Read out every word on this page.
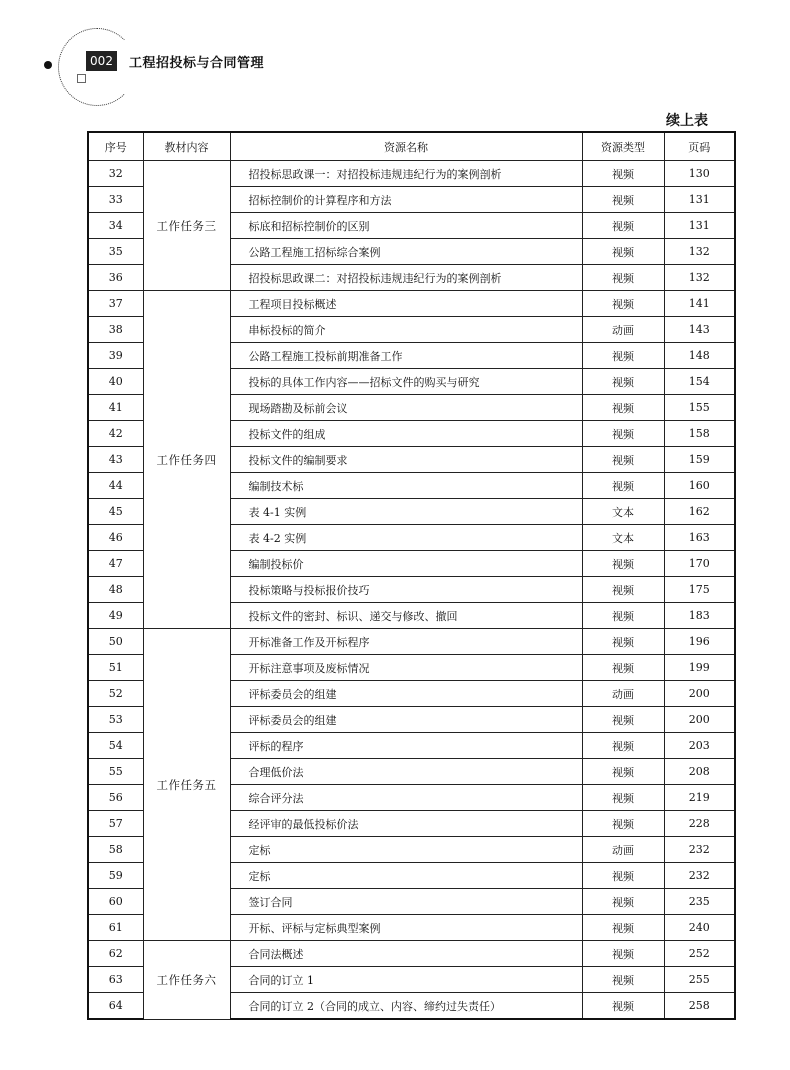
002	工程招投标与合同管理
续上表
序号	教材内容	资源名称	资源类型	页码
32	工作任务三	招投标思政课一：对招投标违规违纪行为的案例剖析	视频	130
33		招标控制价的计算程序和方法	视频	131
34		标底和招标控制价的区别	视频	131
35		公路工程施工招标综合案例	视频	132
36		招投标思政课二：对招投标违规违纪行为的案例剖析	视频	132
37	工作任务四	工程项目投标概述	视频	141
38		串标投标的简介	动画	143
39		公路工程施工投标前期准备工作	视频	148
40		投标的具体工作内容——招标文件的购买与研究	视频	154
41		现场踏勘及标前会议	视频	155
42		投标文件的组成	视频	158
43		投标文件的编制要求	视频	159
44		编制技术标	视频	160
45		表 4-1 实例	文本	162
46		表 4-2 实例	文本	163
47		编制投标价	视频	170
48		投标策略与投标报价技巧	视频	175
49		投标文件的密封、标识、递交与修改、撤回	视频	183
50	工作任务五	开标准备工作及开标程序	视频	196
51		开标注意事项及废标情况	视频	199
52		评标委员会的组建	动画	200
53		评标委员会的组建	视频	200
54		评标的程序	视频	203
55		合理低价法	视频	208
56		综合评分法	视频	219
57		经评审的最低投标价法	视频	228
58		定标	动画	232
59		定标	视频	232
60		签订合同	视频	235
61		开标、评标与定标典型案例	视频	240
62	工作任务六	合同法概述	视频	252
63		合同的订立 1	视频	255
64		合同的订立 2（合同的成立、内容、缔约过失责任）	视频	258
